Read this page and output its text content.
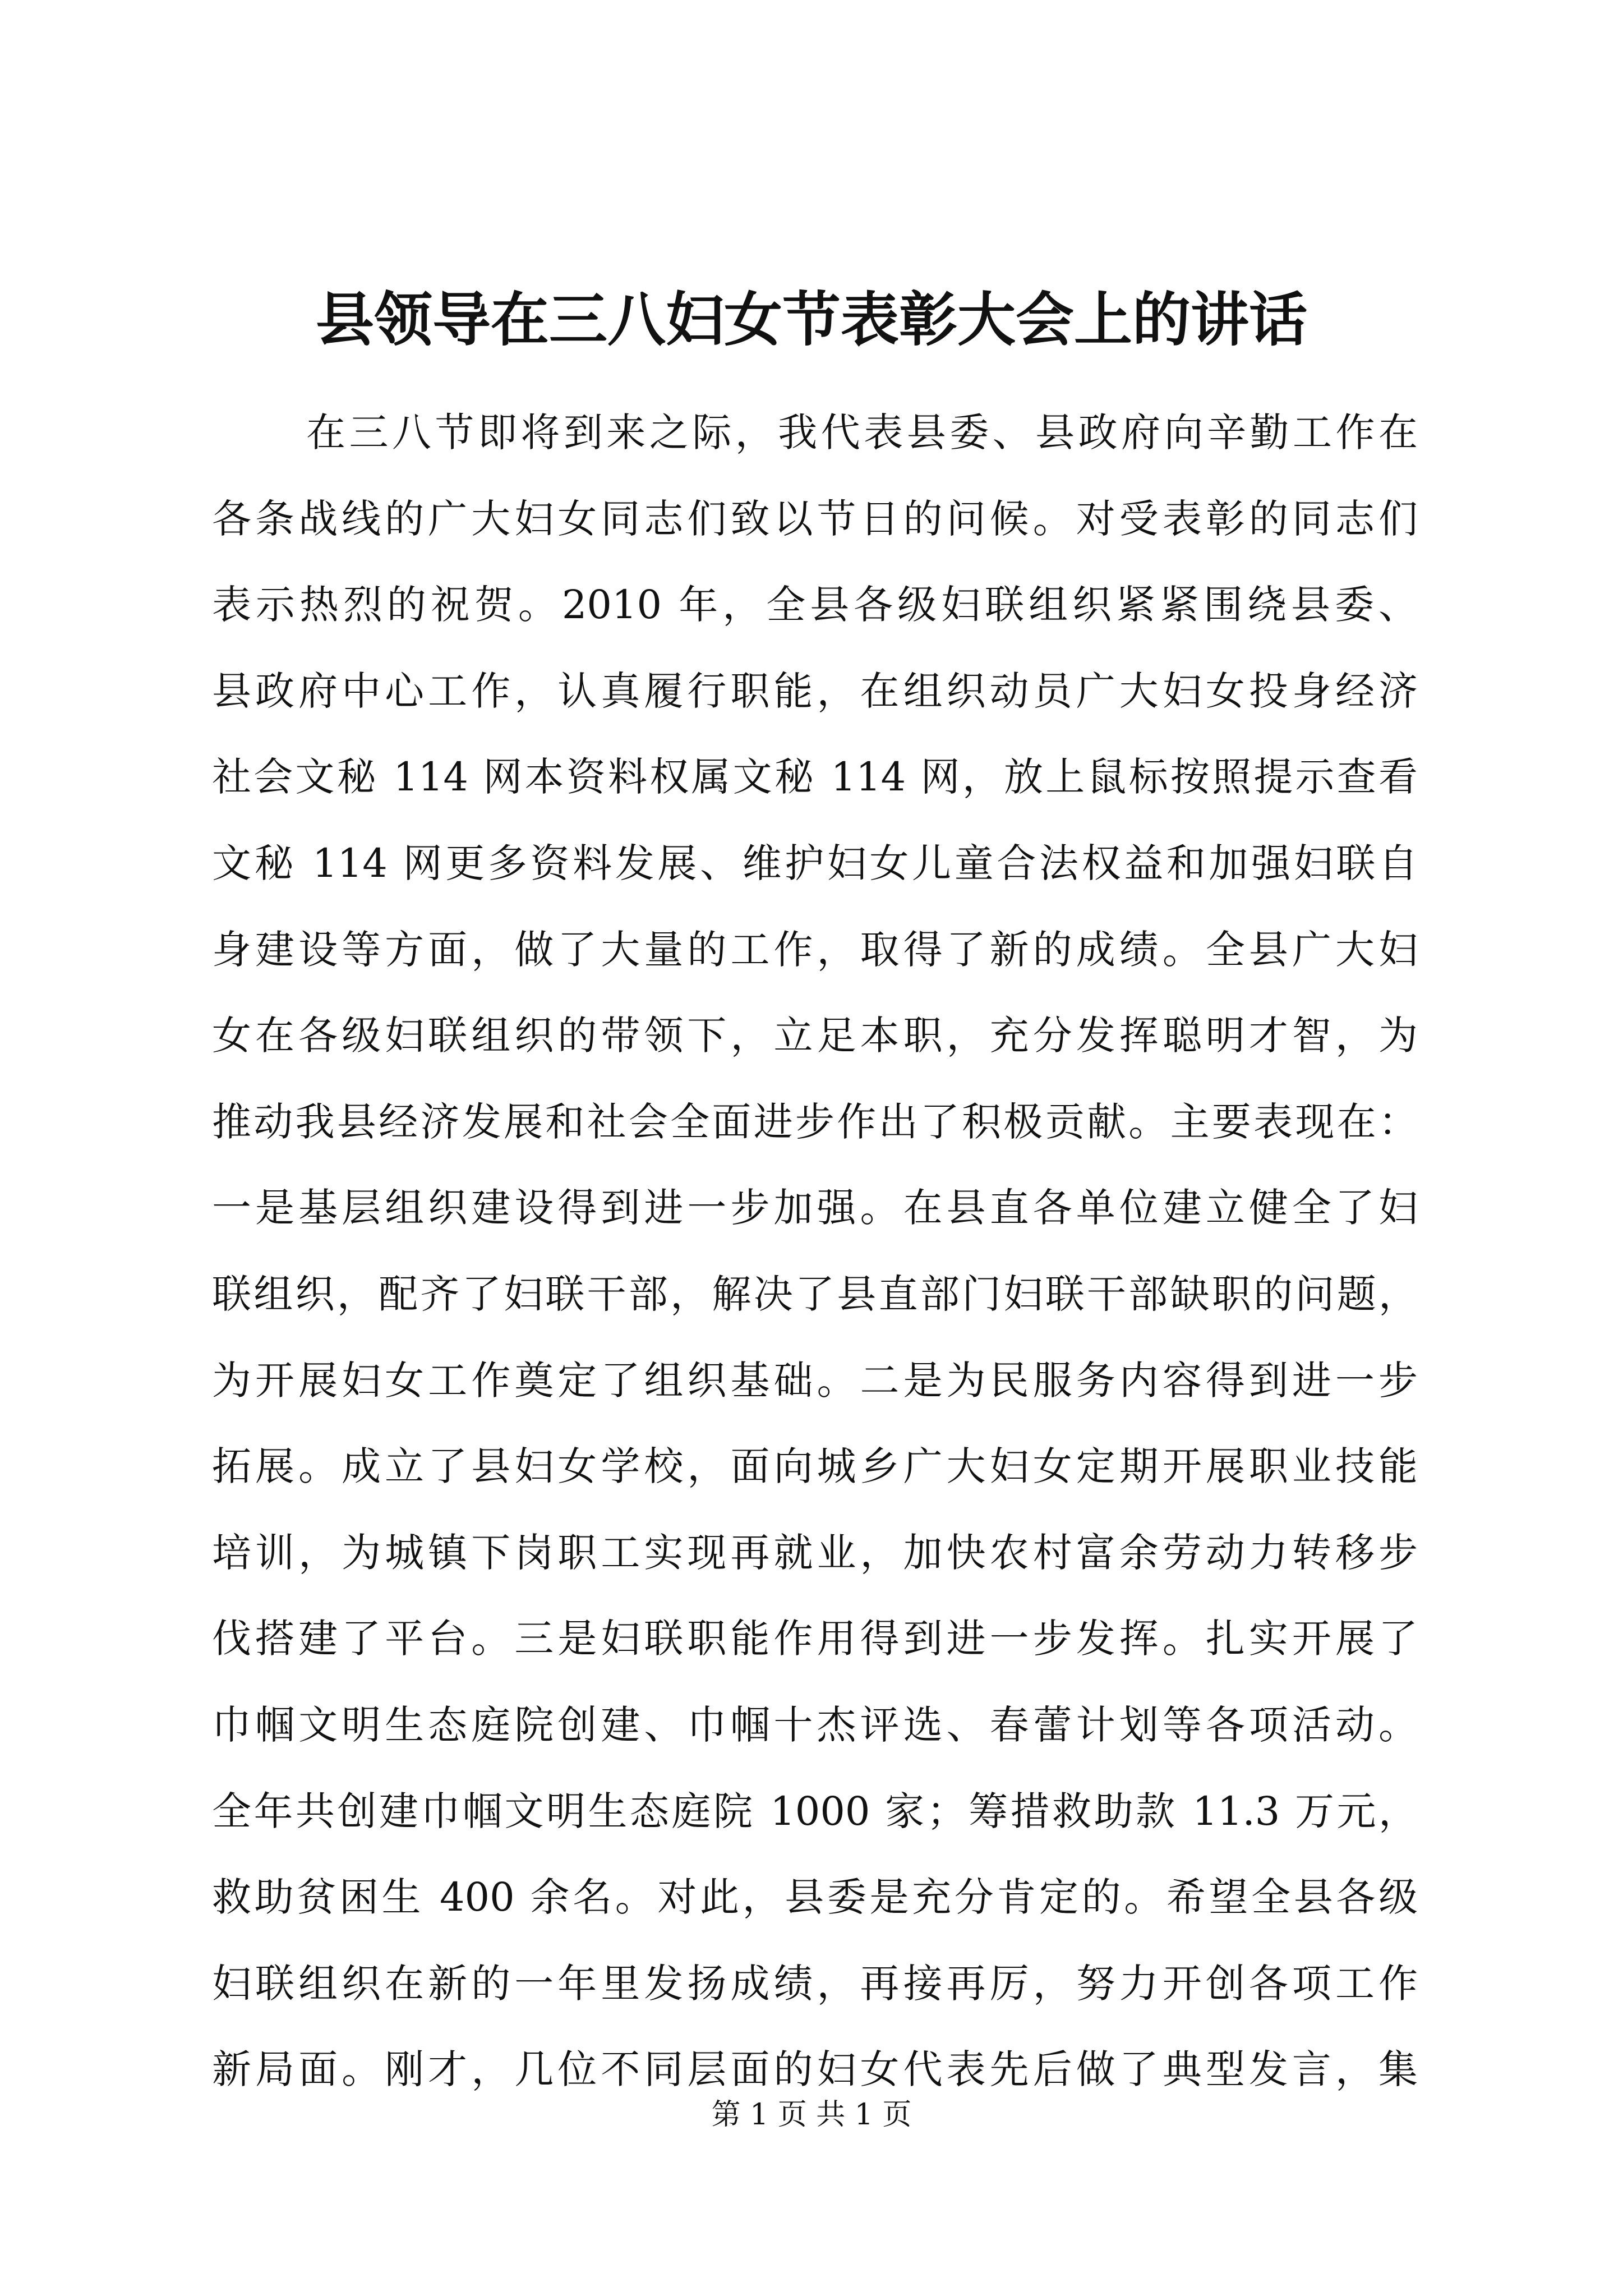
县领导在三八妇女节表彰大会上的讲话
在三八节即将到来之际，我代表县委、县政府向辛勤工作在
各条战线的广大妇女同志们致以节日的问候。对受表彰的同志们
表示热烈的祝贺。2010 年，全县各级妇联组织紧紧围绕县委、
县政府中心工作，认真履行职能，在组织动员广大妇女投身经济
社会文秘 114 网本资料权属文秘 114 网，放上鼠标按照提示查看
文秘 114 网更多资料发展、维护妇女儿童合法权益和加强妇联自
身建设等方面，做了大量的工作，取得了新的成绩。全县广大妇
女在各级妇联组织的带领下，立足本职，充分发挥聪明才智，为
推动我县经济发展和社会全面进步作出了积极贡献。主要表现在：
一是基层组织建设得到进一步加强。在县直各单位建立健全了妇
联组织，配齐了妇联干部，解决了县直部门妇联干部缺职的问题，
为开展妇女工作奠定了组织基础。二是为民服务内容得到进一步
拓展。成立了县妇女学校，面向城乡广大妇女定期开展职业技能
培训，为城镇下岗职工实现再就业，加快农村富余劳动力转移步
伐搭建了平台。三是妇联职能作用得到进一步发挥。扎实开展了
巾帼文明生态庭院创建、巾帼十杰评选、春蕾计划等各项活动。
全年共创建巾帼文明生态庭院 1000 家；筹措救助款 11.3 万元，
救助贫困生 400 余名。对此，县委是充分肯定的。希望全县各级
妇联组织在新的一年里发扬成绩，再接再厉，努力开创各项工作
新局面。刚才，几位不同层面的妇女代表先后做了典型发言，集
第 1 页 共 1 页
